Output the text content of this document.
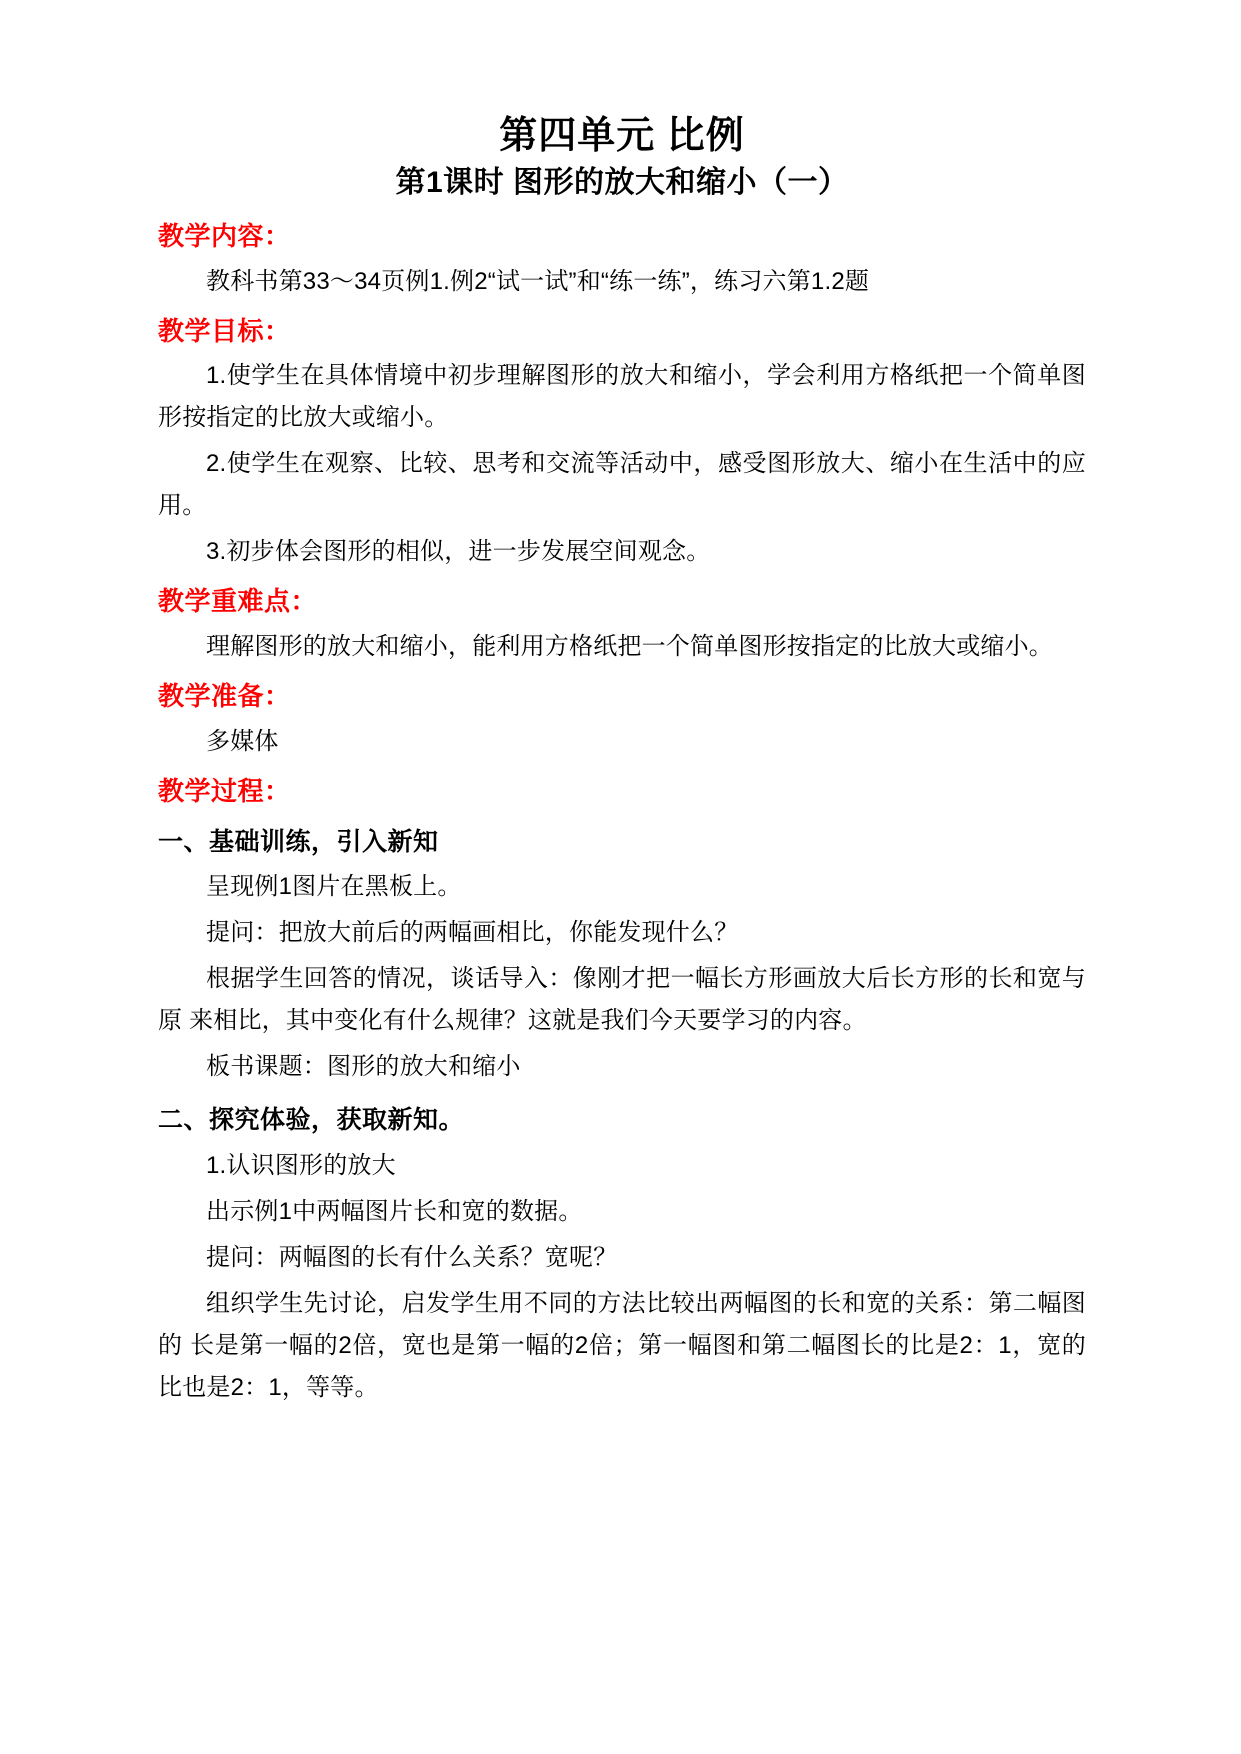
第四单元 比例
第1课时 图形的放大和缩小（一）
教学内容：

教科书第33～34页例1.例2“试一试”和“练一练”，练习六第1.2题

教学目标：

1.使学生在具体情境中初步理解图形的放大和缩小，学会利用方格纸把一个简单图形按指定的比放大或缩小。

2.使学生在观察、比较、思考和交流等活动中，感受图形放大、缩小在生活中的应用。

3.初步体会图形的相似，进一步发展空间观念。

教学重难点：

理解图形的放大和缩小，能利用方格纸把一个简单图形按指定的比放大或缩小。

教学准备：

多媒体

教学过程：
一、基础训练，引入新知

呈现例1图片在黑板上。

提问：把放大前后的两幅画相比，你能发现什么？

根据学生回答的情况，谈话导入：像刚才把一幅长方形画放大后长方形的长和宽与原 来相比，其中变化有什么规律？这就是我们今天要学习的内容。

板书课题：图形的放大和缩小

二、探究体验，获取新知。

1.认识图形的放大

出示例1中两幅图片长和宽的数据。

提问：两幅图的长有什么关系？宽呢？

组织学生先讨论，启发学生用不同的方法比较出两幅图的长和宽的关系：第二幅图的 长是第一幅的2倍，宽也是第一幅的2倍；第一幅图和第二幅图长的比是2：1，宽的比也是2：1，等等。
